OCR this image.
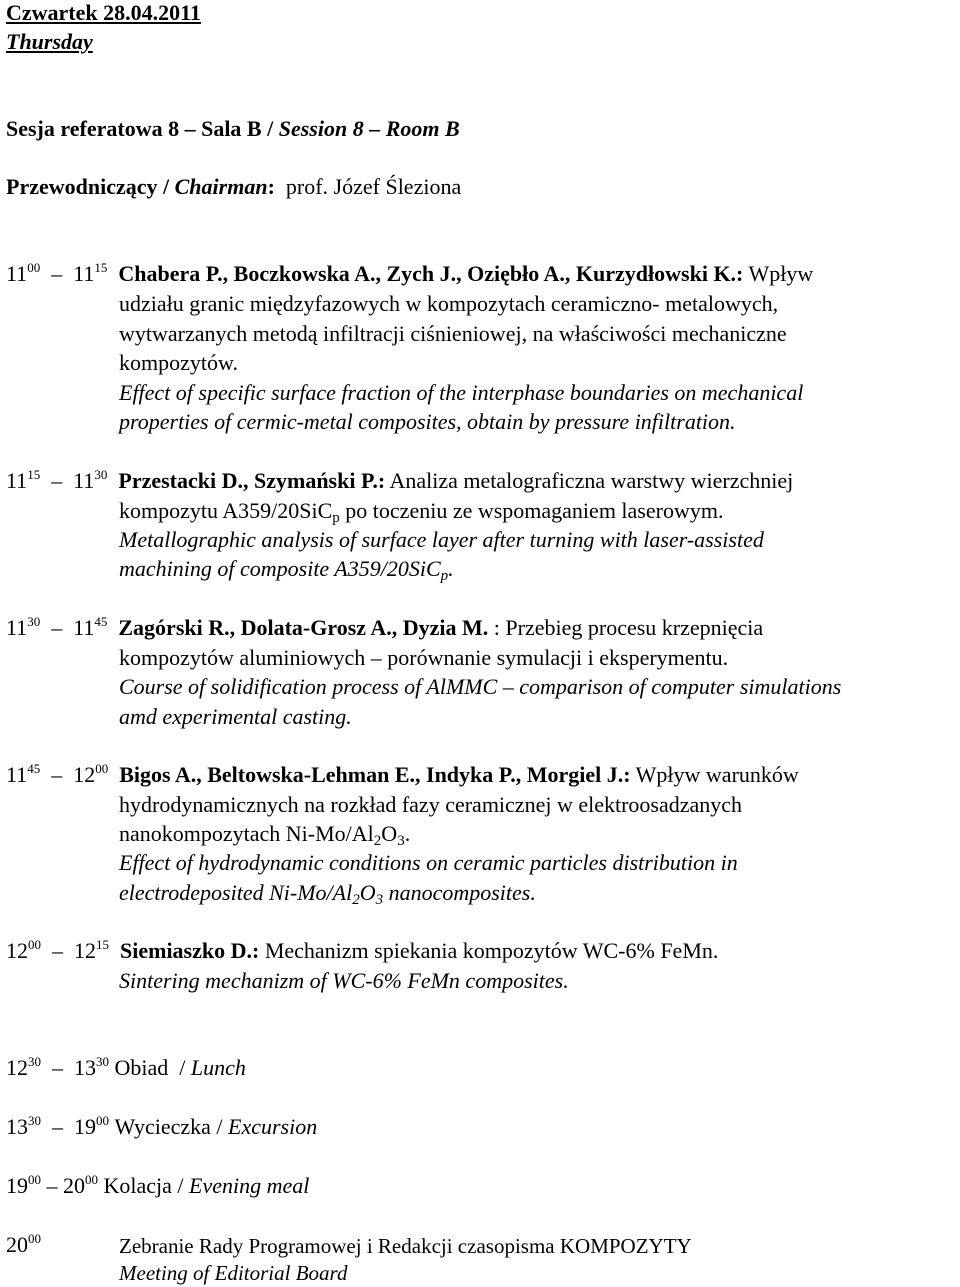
Czwartek 28.04.2011
Thursday
Sesja referatowa 8 – Sala B / Session 8 – Room B
Przewodniczący / Chairman: prof. Józef Śleziona
$11^{00} - 11^{15}$ Chabera P., Boczkowska A., Zych J., Oziębło A., Kurzydłowski K.: Wpływ
udziału granic międzyfazowych w kompozytach ceramiczno- metalowych,
wytwarzanych metodą infiltracji ciśnieniowej, na właściwości mechaniczne
kompozytów.
Effect of specific surface fraction of the interphase boundaries on mechanical
properties of cermic-metal composites, obtain by pressure infiltration.
$11^{15} - 11^{30}$ Przestacki D., Szymański P.: Analiza metalograficzna warstwy wierzchniej
kompozytu A359/20SiC$_p$ po toczeniu ze wspomaganiem laserowym.
Metallographic analysis of surface layer after turning with laser-assisted
machining of composite A359/20SiC$_p$.
$11^{30} - 11^{45}$ Zagórski R., Dolata-Grosz A., Dyzia M. : Przebieg procesu krzepnięcia
kompozytów aluminiowych – porównanie symulacji i eksperymentu.
Course of solidification process of AlMMC – comparison of computer simulations
amd experimental casting.
$11^{45} - 12^{00}$ Bigos A., Beltowska-Lehman E., Indyka P., Morgiel J.: Wpływ warunków
hydrodynamicznych na rozkład fazy ceramicznej w elektroosadzanych
nanokompozytach $Ni-Mo/Al_2O_3$.
Effect of hydrodynamic conditions on ceramic particles distribution in
electrodeposited $Ni-Mo/Al_2O_3$ nanocomposites.
$12^{00} - 12^{15}$ Siemiaszko D.: Mechanizm spiekania kompozytów WC-6% FeMn.
Sintering mechanizm of WC-6% FeMn composites.
$12^{30} - 13^{30}$ Obiad  / Lunch
$13^{30} - 19^{00}$ Wycieczka / Excursion
$19^{00} - 20^{00}$ Kolacja / Evening meal
$20^{00}$	Zebranie Rady Programowej i Redakcji czasopisma KOMPOZYTY
Meeting of Editorial Board
